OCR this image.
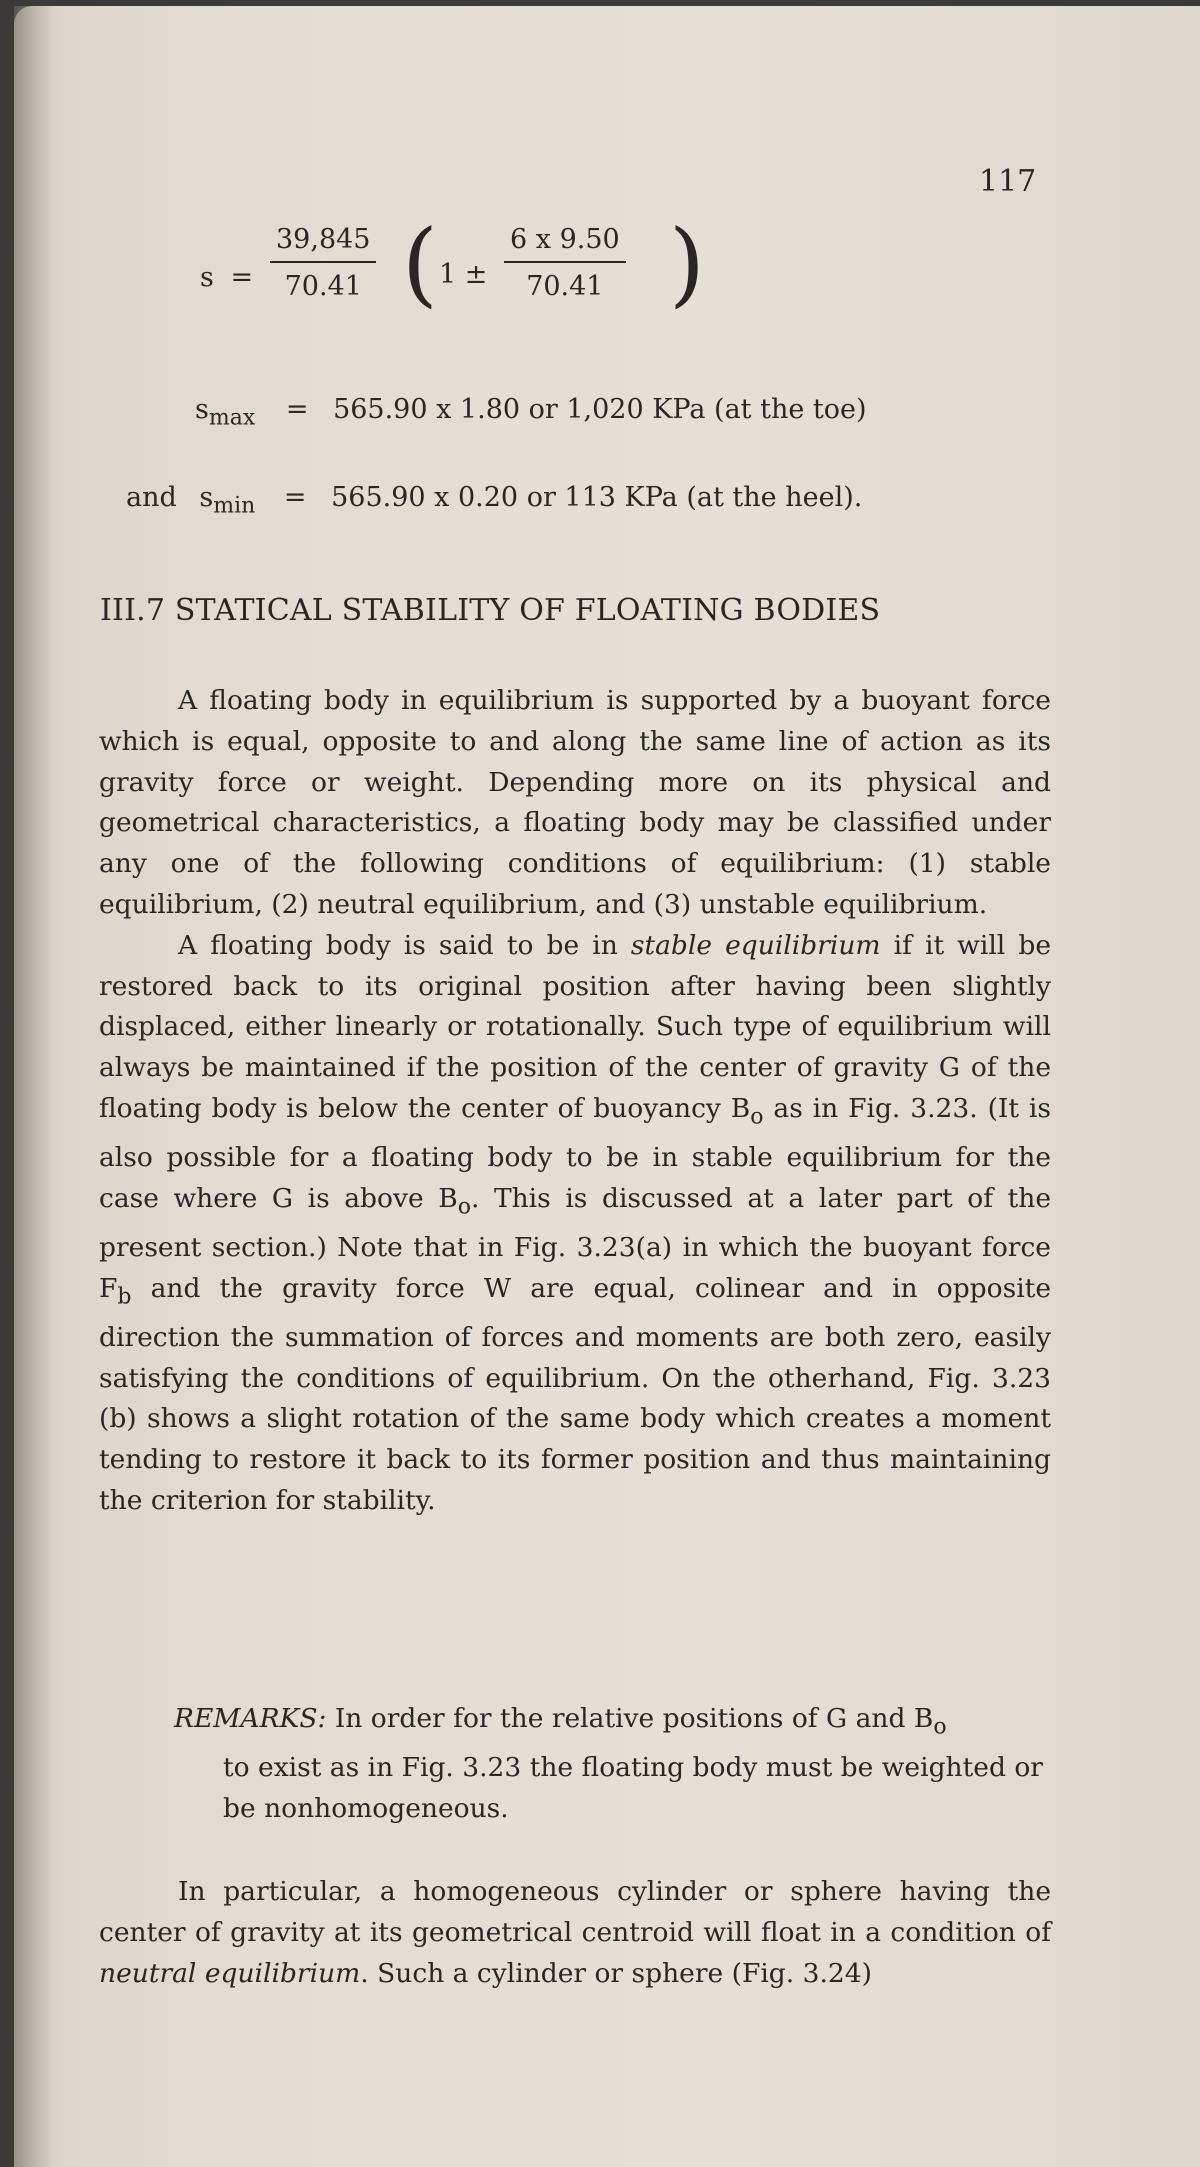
117
$s = \frac{39,845}{70.41}$ ( $1 \pm \frac{6 x 9.50}{70.41}$ )
$s_{max} = 565.90$ x 1.80 or 1,020 KPa (at the toe)
and $s_{min} = 565.90$ x 0.20 or 113 KPa (at the heel).
III.7 STATICAL STABILITY OF FLOATING BODIES

A floating body in equilibrium is supported by a buoyant force which is equal, opposite to and along the same line of action as its gravity force or weight. Depending more on its physical and geometrical characteristics, a floating body may be classified under any one of the following conditions of equilibrium: (1) stable equilibrium, (2) neutral equilibrium, and (3) unstable equilibrium.

A floating body is said to be in stable equilibrium if it will be restored back to its original position after having been slightly displaced, either linearly or rotationally. Such type of equilibrium will always be maintained if the position of the center of gravity G of the floating body is below the center of buoyancy $B_o$ as in Fig. 3.23. (It is also possible for a floating body to be in stable equilibrium for the case where G is above $B_o$. This is discussed at a later part of the present section.) Note that in Fig. 3.23(a) in which the buoyant force $F_b$ and the gravity force W are equal, colinear and in opposite direction the summation of forces and moments are both zero, easily satisfying the conditions of equilibrium. On the otherhand, Fig. 3.23 (b) shows a slight rotation of the same body which creates a moment tending to restore it back to its former position and thus maintaining the criterion for stability.

REMARKS: In order for the relative positions of G and $B_o$
to exist as in Fig. 3.23 the floating body must be weighted or be nonhomogeneous.

In particular, a homogeneous cylinder or sphere having the center of gravity at its geometrical centroid will float in a condition of neutral equilibrium. Such a cylinder or sphere (Fig. 3.24)
